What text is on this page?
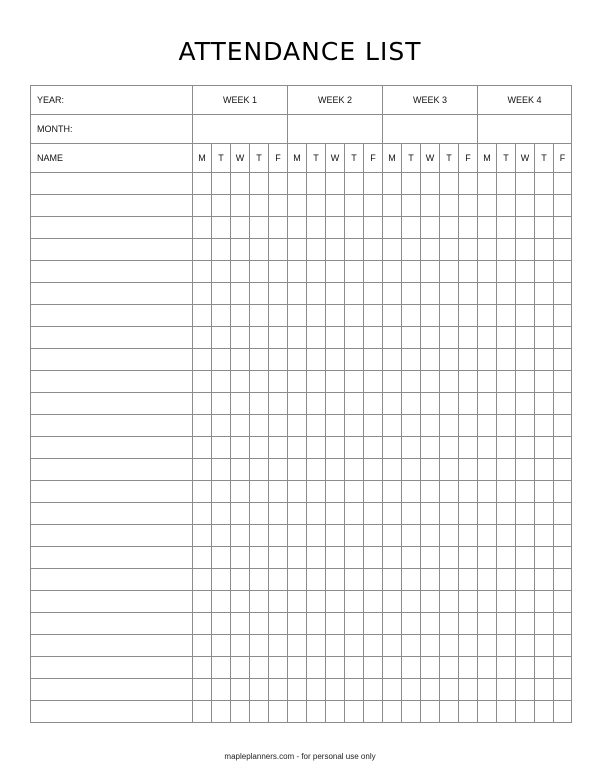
ATTENDANCE LIST
YEAR:	WEEK 1					WEEK 2					WEEK 3					WEEK 4				
MONTH:																				
NAME	M	T	W	T	F	M	T	W	T	F	M	T	W	T	F	M	T	W	T	F

mapleplanners.com - for personal use only
